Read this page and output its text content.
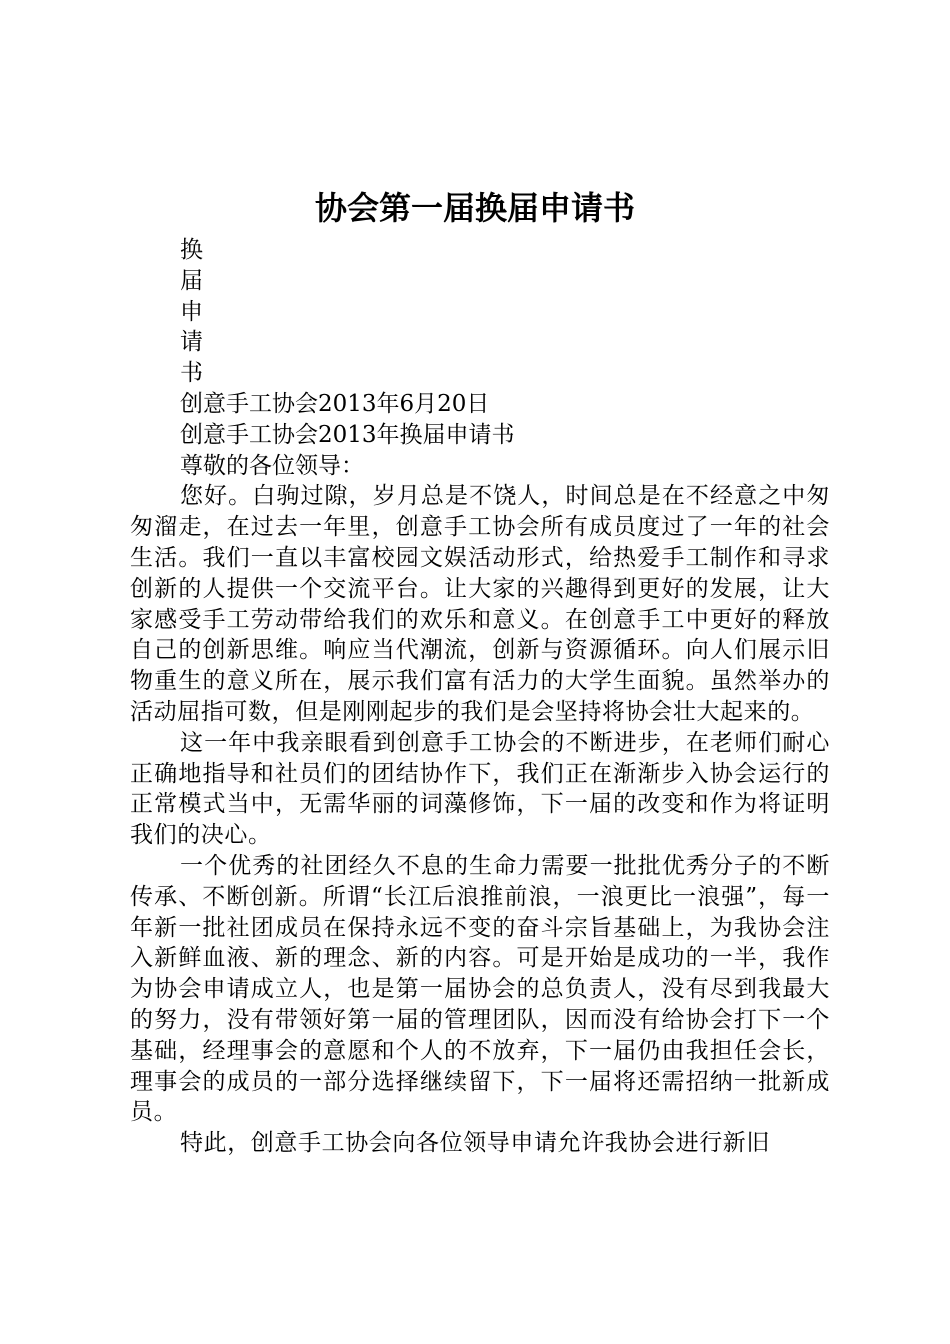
协会第一届换届申请书
换
届
申
请
书
创意手工协会2013年6月20日
创意手工协会2013年换届申请书
尊敬的各位领导：

您好。白驹过隙，岁月总是不饶人，时间总是在不经意之中匆匆溜走，在过去一年里，创意手工协会所有成员度过了一年的社会生活。我们一直以丰富校园文娱活动形式，给热爱手工制作和寻求创新的人提供一个交流平台。让大家的兴趣得到更好的发展，让大家感受手工劳动带给我们的欢乐和意义。在创意手工中更好的释放自己的创新思维。响应当代潮流，创新与资源循环。向人们展示旧物重生的意义所在，展示我们富有活力的大学生面貌。虽然举办的活动屈指可数，但是刚刚起步的我们是会坚持将协会壮大起来的。

这一年中我亲眼看到创意手工协会的不断进步，在老师们耐心正确地指导和社员们的团结协作下，我们正在渐渐步入协会运行的正常模式当中，无需华丽的词藻修饰，下一届的改变和作为将证明我们的决心。

一个优秀的社团经久不息的生命力需要一批批优秀分子的不断传承、不断创新。所谓“长江后浪推前浪，一浪更比一浪强”，每一年新一批社团成员在保持永远不变的奋斗宗旨基础上，为我协会注入新鲜血液、新的理念、新的内容。可是开始是成功的一半，我作为协会申请成立人，也是第一届协会的总负责人，没有尽到我最大的努力，没有带领好第一届的管理团队，因而没有给协会打下一个基础，经理事会的意愿和个人的不放弃，下一届仍由我担任会长，理事会的成员的一部分选择继续留下，下一届将还需招纳一批新成员。

特此，创意手工协会向各位领导申请允许我协会进行新旧
